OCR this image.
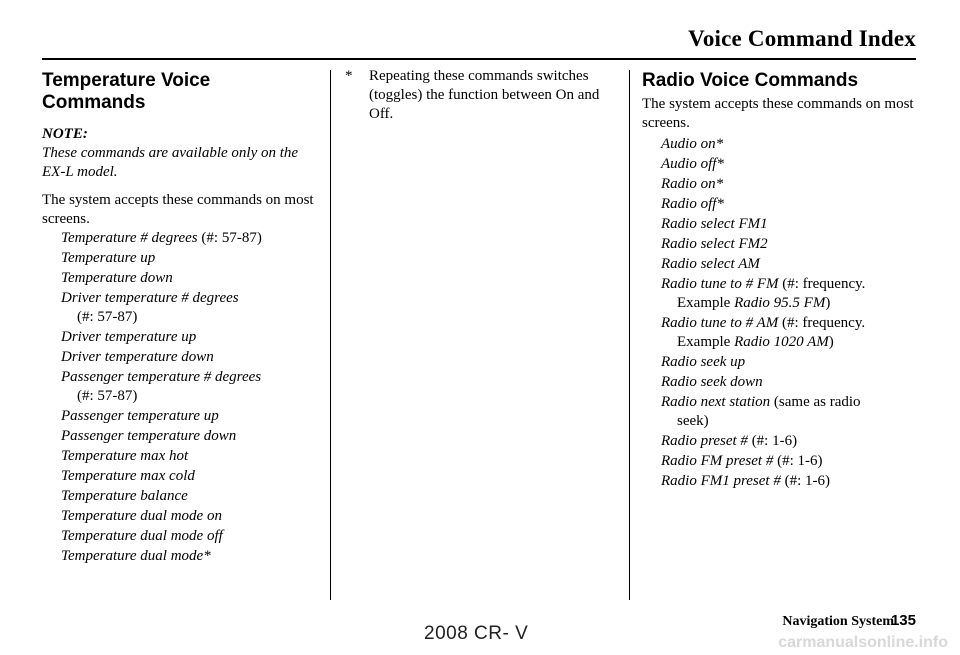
Voice Command Index
Temperature Voice
Commands
NOTE:
These commands are available only on the EX-L model.
The system accepts these commands on most screens.
Temperature # degrees (#: 57-87)
Temperature up
Temperature down
Driver temperature # degrees
(#: 57-87)
Driver temperature up
Driver temperature down
Passenger temperature # degrees
(#: 57-87)
Passenger temperature up
Passenger temperature down
Temperature max hot
Temperature max cold
Temperature balance
Temperature dual mode on
Temperature dual mode off
Temperature dual mode*
*	Repeating these commands switches
(toggles) the function between On and Off.
Radio Voice Commands
The system accepts these commands on most screens.
Audio on*
Audio off*
Radio on*
Radio off*
Radio select FM1
Radio select FM2
Radio select AM
Radio tune to # FM (#: frequency.
Example Radio 95.5 FM)
Radio tune to # AM (#: frequency.
Example Radio 1020 AM)
Radio seek up
Radio seek down
Radio next station (same as radio
seek)
Radio preset # (#: 1-6)
Radio FM preset # (#: 1-6)
Radio FM1 preset # (#: 1-6)
Navigation System
135
2008 CR- V	carmanualsonline.info
